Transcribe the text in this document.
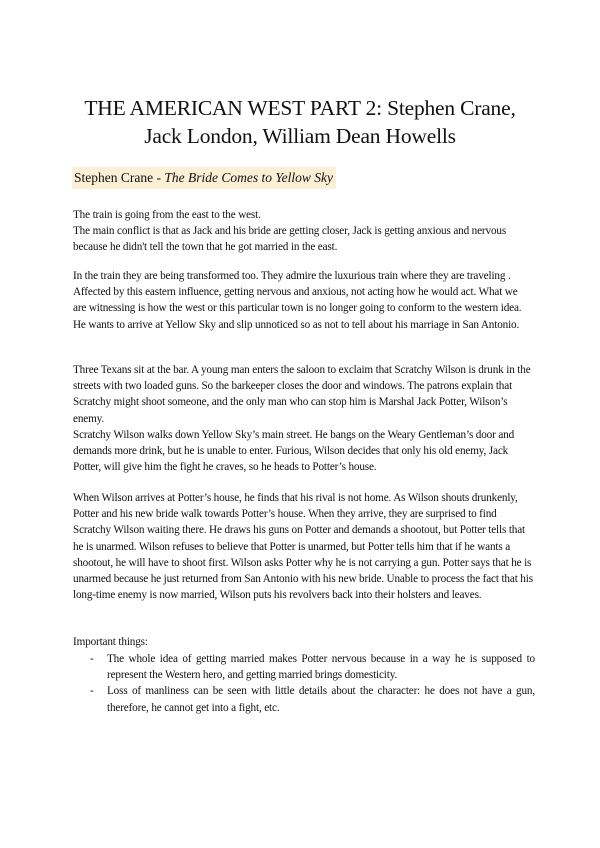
THE AMERICAN WEST PART 2: Stephen Crane,
Jack London, William Dean Howells
Stephen Crane - The Bride Comes to Yellow Sky

The train is going from the east to the west.

The main conflict is that as Jack and his bride are getting closer, Jack is getting anxious and nervous because he didn't tell the town that he got married in the east.

In the train they are being transformed too. They admire the luxurious train where they are traveling . Affected by this eastern influence, getting nervous and anxious, not acting how he would act. What we are witnessing is how the west or this particular town is no longer going to conform to the western idea. He wants to arrive at Yellow Sky and slip unnoticed so as not to tell about his marriage in San Antonio.

Three Texans sit at the bar. A young man enters the saloon to exclaim that Scratchy Wilson is drunk in the streets with two loaded guns. So the barkeeper closes the door and windows. The patrons explain that Scratchy might shoot someone, and the only man who can stop him is Marshal Jack Potter, Wilson’s enemy.

Scratchy Wilson walks down Yellow Sky’s main street. He bangs on the Weary Gentleman’s door and demands more drink, but he is unable to enter. Furious, Wilson decides that only his old enemy, Jack Potter, will give him the fight he craves, so he heads to Potter’s house.

When Wilson arrives at Potter’s house, he finds that his rival is not home. As Wilson shouts drunkenly, Potter and his new bride walk towards Potter’s house. When they arrive, they are surprised to find Scratchy Wilson waiting there. He draws his guns on Potter and demands a shootout, but Potter tells that he is unarmed. Wilson refuses to believe that Potter is unarmed, but Potter tells him that if he wants a shootout, he will have to shoot first. Wilson asks Potter why he is not carrying a gun. Potter says that he is unarmed because he just returned from San Antonio with his new bride. Unable to process the fact that his long-time enemy is now married, Wilson puts his revolvers back into their holsters and leaves.

Important things:

- The whole idea of getting married makes Potter nervous because in a way he is supposed to represent the Western hero, and getting married brings domesticity.
- Loss of manliness can be seen with little details about the character: he does not have a gun, therefore, he cannot get into a fight, etc.
